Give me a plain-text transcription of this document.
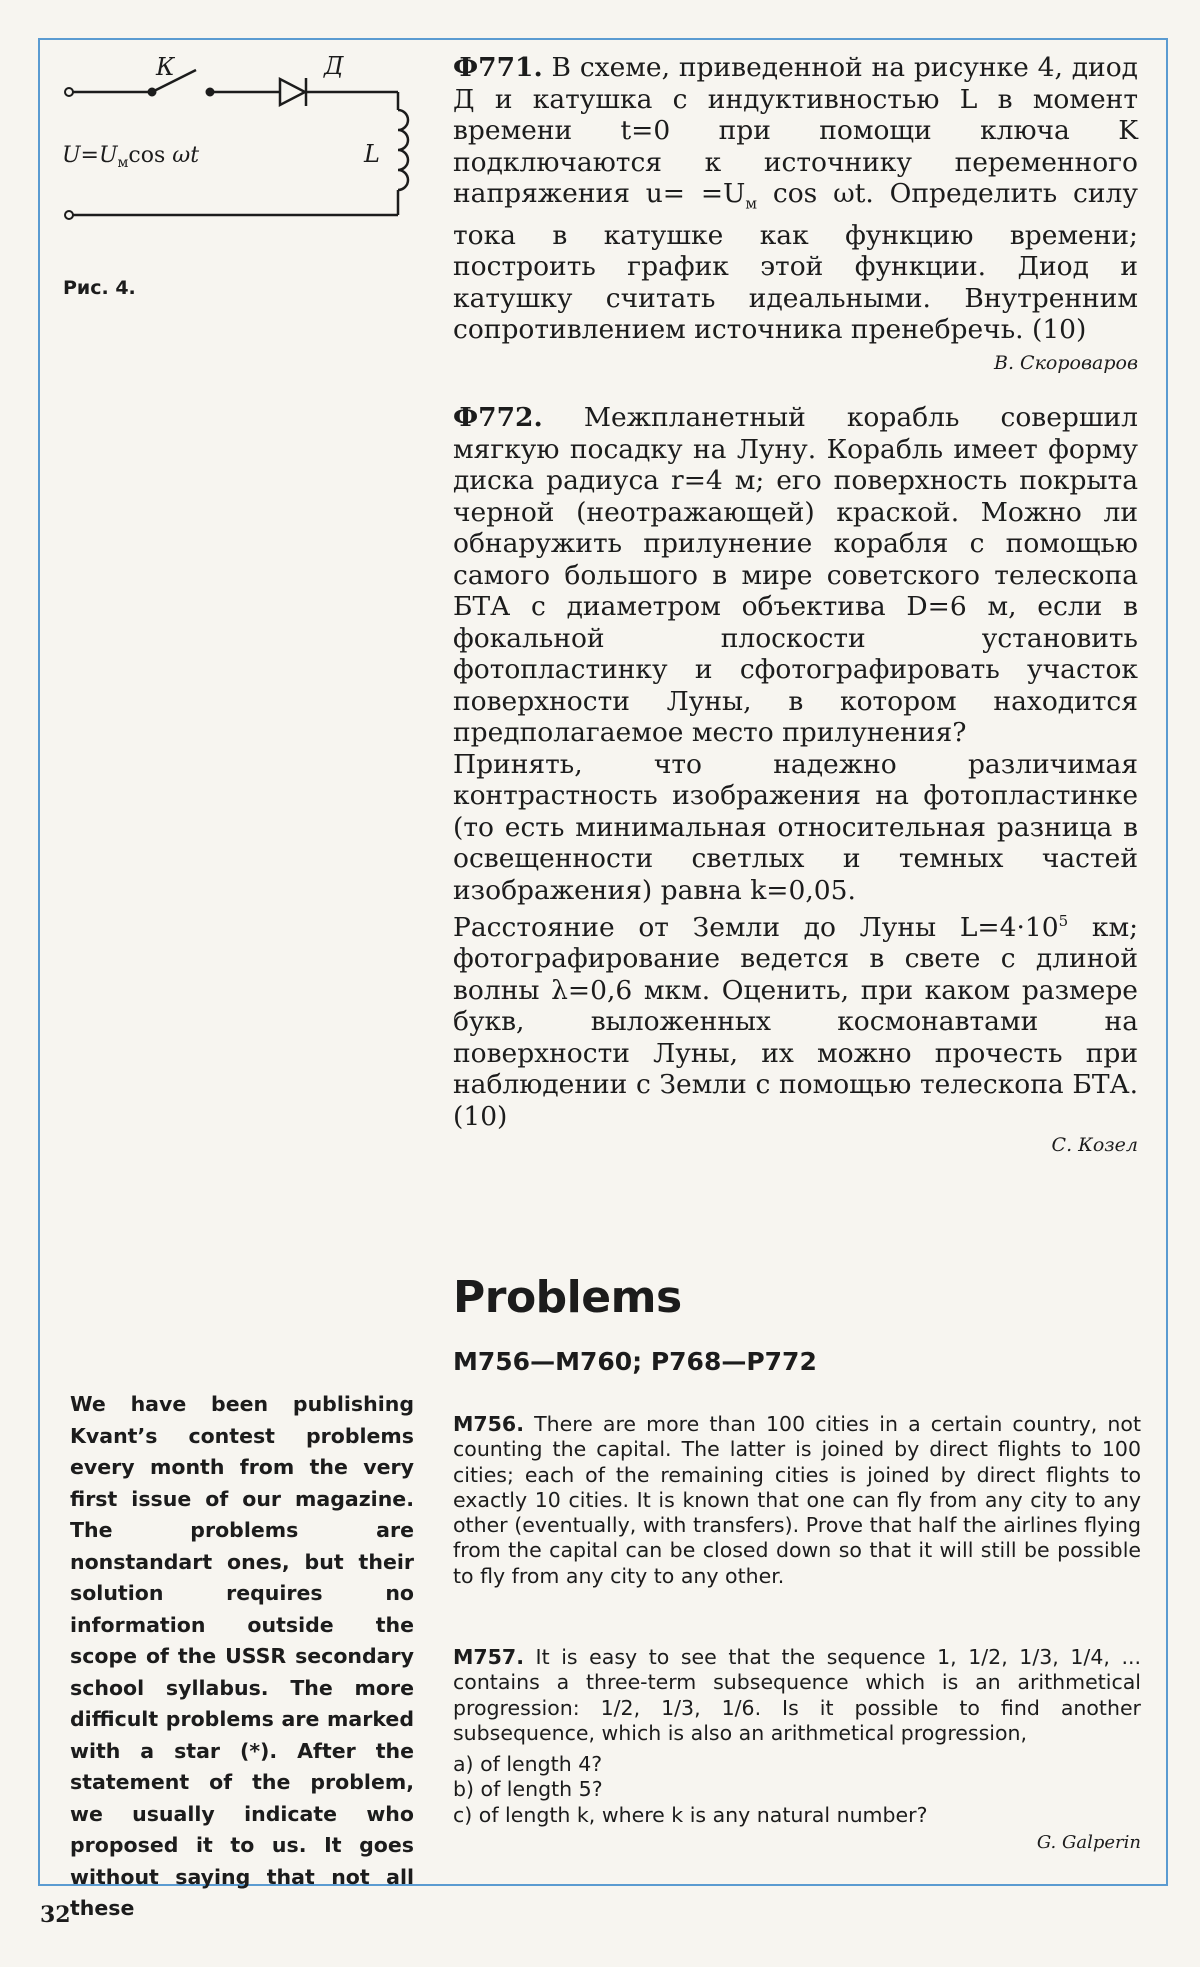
К	Д
L
$U=U_м\cos$ ωt
Рис. 4.

Ф771. В схеме, приведенной на рисунке 4, диод Д и катушка с индуктивностью L в момент времени t=0 при помощи ключа K подключаются к источнику переменного напряжения $u= =U_м$ cos ωt. Определить силу тока в катушке как функцию времени; построить график этой функции. Диод и катушку считать идеальными. Внутренним сопротивлением источника пренебречь. (10)

В. Скороваров

Ф772. Межпланетный корабль совершил мягкую посадку на Луну. Корабль имеет форму диска радиуса r=4 м; его поверхность покрыта черной (неотражающей) краской. Можно ли обнаружить прилунение корабля с помощью самого большого в мире советского телескопа БТА с диаметром объектива D=6 м, если в фокальной плоскости установить фотопластинку и сфотографировать участок поверхности Луны, в котором находится предполагаемое место прилунения?

Принять, что надежно различимая контрастность изображения на фотопластинке (то есть минимальная относительная разница в освещенности светлых и темных частей изображения) равна k=0,05.

Расстояние от Земли до Луны $L=4\cdot 10^5$ км; фотографирование ведется в свете с длиной волны λ=0,6 мкм. Оценить, при каком размере букв, выложенных космонавтами на поверхности Луны, их можно прочесть при наблюдении с Земли с помощью телескопа БТА. (10)

С. Козел

Problems
M756—M760; P768—P772

We have been publishing Kvant’s contest problems every month from the very first issue of our magazine. The problems are nonstandart ones, but their solution requires no information outside the scope of the USSR secondary school syllabus. The more difficult problems are marked with a star (*). After the statement of the problem, we usually indicate who proposed it to us. It goes without saying that not all these

M756. There are more than 100 cities in a certain country, not counting the capital. The latter is joined by direct flights to 100 cities; each of the remaining cities is joined by direct flights to exactly 10 cities. It is known that one can fly from any city to any other (eventually, with transfers). Prove that half the airlines flying from the capital can be closed down so that it will still be possible to fly from any city to any other.

M757. It is easy to see that the sequence 1, 1/2, 1/3, 1/4, ... contains a three-term subsequence which is an arithmetical progression: 1/2, 1/3, 1/6. Is it possible to find another subsequence, which is also an arithmetical progression,

a) of length 4?

b) of length 5?

c) of length k, where k is any natural number?

G. Galperin

32
